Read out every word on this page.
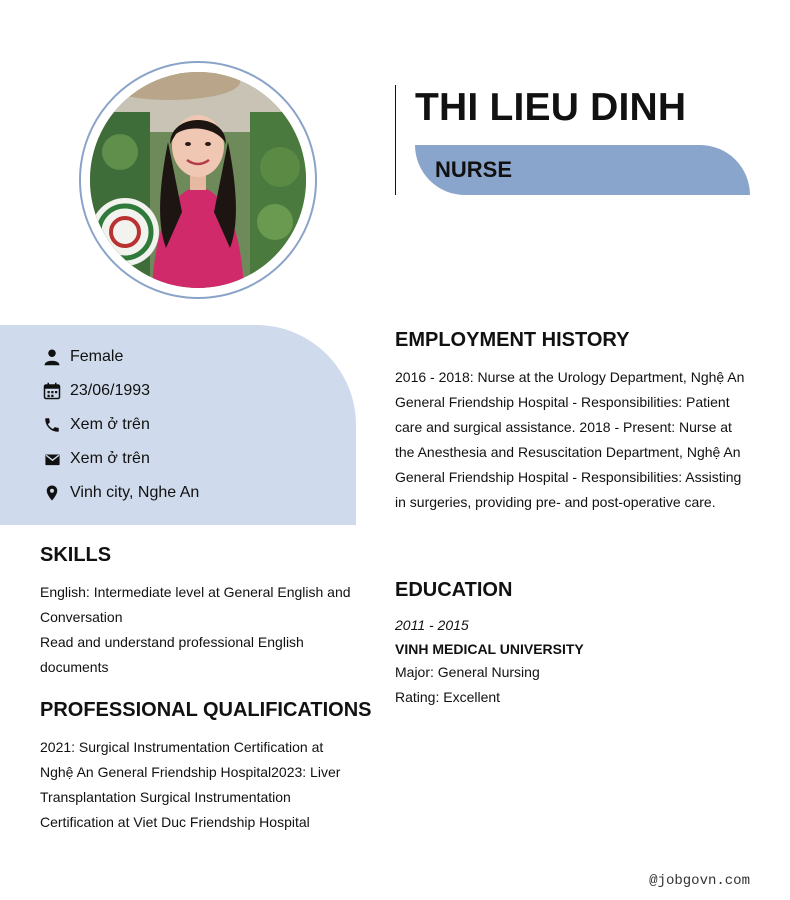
THI LIEU DINH
NURSE
Female
23/06/1993
Xem ở trên
Xem ở trên
Vinh city, Nghe An
SKILLS
English: Intermediate level at General English and Conversation
Read and understand professional English documents
PROFESSIONAL QUALIFICATIONS
2021: Surgical Instrumentation Certification at Nghệ An General Friendship Hospital2023: Liver Transplantation Surgical Instrumentation Certification at Viet Duc Friendship Hospital
EMPLOYMENT HISTORY
2016 - 2018: Nurse at the Urology Department, Nghệ An General Friendship Hospital - Responsibilities: Patient care and surgical assistance. 2018 - Present: Nurse at the Anesthesia and Resuscitation Department, Nghệ An General Friendship Hospital - Responsibilities: Assisting in surgeries, providing pre- and post-operative care.
EDUCATION
2011 - 2015
VINH MEDICAL UNIVERSITY
Major: General Nursing
Rating: Excellent
@jobgovn.com
